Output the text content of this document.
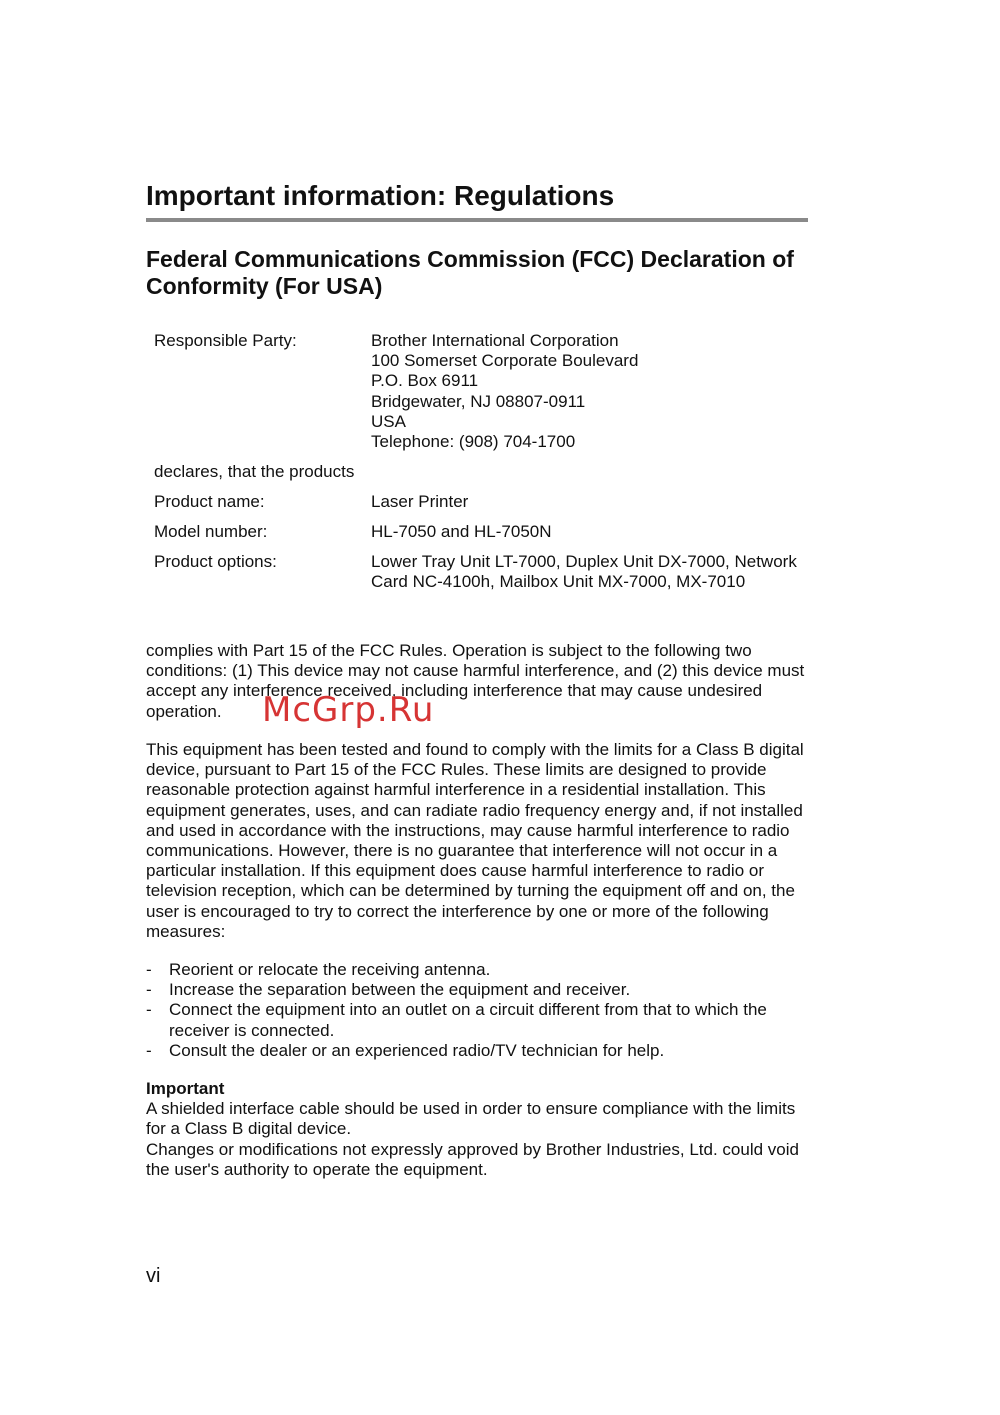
Important information: Regulations
Federal Communications Commission (FCC) Declaration of Conformity (For USA)
Responsible Party:	Brother International Corporation
100 Somerset Corporate Boulevard
P.O. Box 6911
Bridgewater, NJ 08807-0911
USA
Telephone: (908) 704-1700
declares, that the products
Product name:	Laser Printer
Model number:	HL-7050 and HL-7050N
Product options:	Lower Tray Unit LT-7000, Duplex Unit DX-7000, Network Card NC-4100h, Mailbox Unit MX-7000, MX-7010

complies with Part 15 of the FCC Rules. Operation is subject to the following two conditions: (1) This device may not cause harmful interference, and (2) this device must accept any interference received, including interference that may cause undesired operation.

This equipment has been tested and found to comply with the limits for a Class B digital device, pursuant to Part 15 of the FCC Rules. These limits are designed to provide reasonable protection against harmful interference in a residential installation. This equipment generates, uses, and can radiate radio frequency energy and, if not installed and used in accordance with the instructions, may cause harmful interference to radio communications. However, there is no guarantee that interference will not occur in a particular installation. If this equipment does cause harmful interference to radio or television reception, which can be determined by turning the equipment off and on, the user is encouraged to try to correct the interference by one or more of the following measures:

-	Reorient or relocate the receiving antenna.
-	Increase the separation between the equipment and receiver.
-	Connect the equipment into an outlet on a circuit different from that to which the receiver is connected.
-	Consult the dealer or an experienced radio/TV technician for help.
Important
A shielded interface cable should be used in order to ensure compliance with the limits for a Class B digital device.
Changes or modifications not expressly approved by Brother Industries, Ltd. could void the user's authority to operate the equipment.
vi
McGrp.Ru
